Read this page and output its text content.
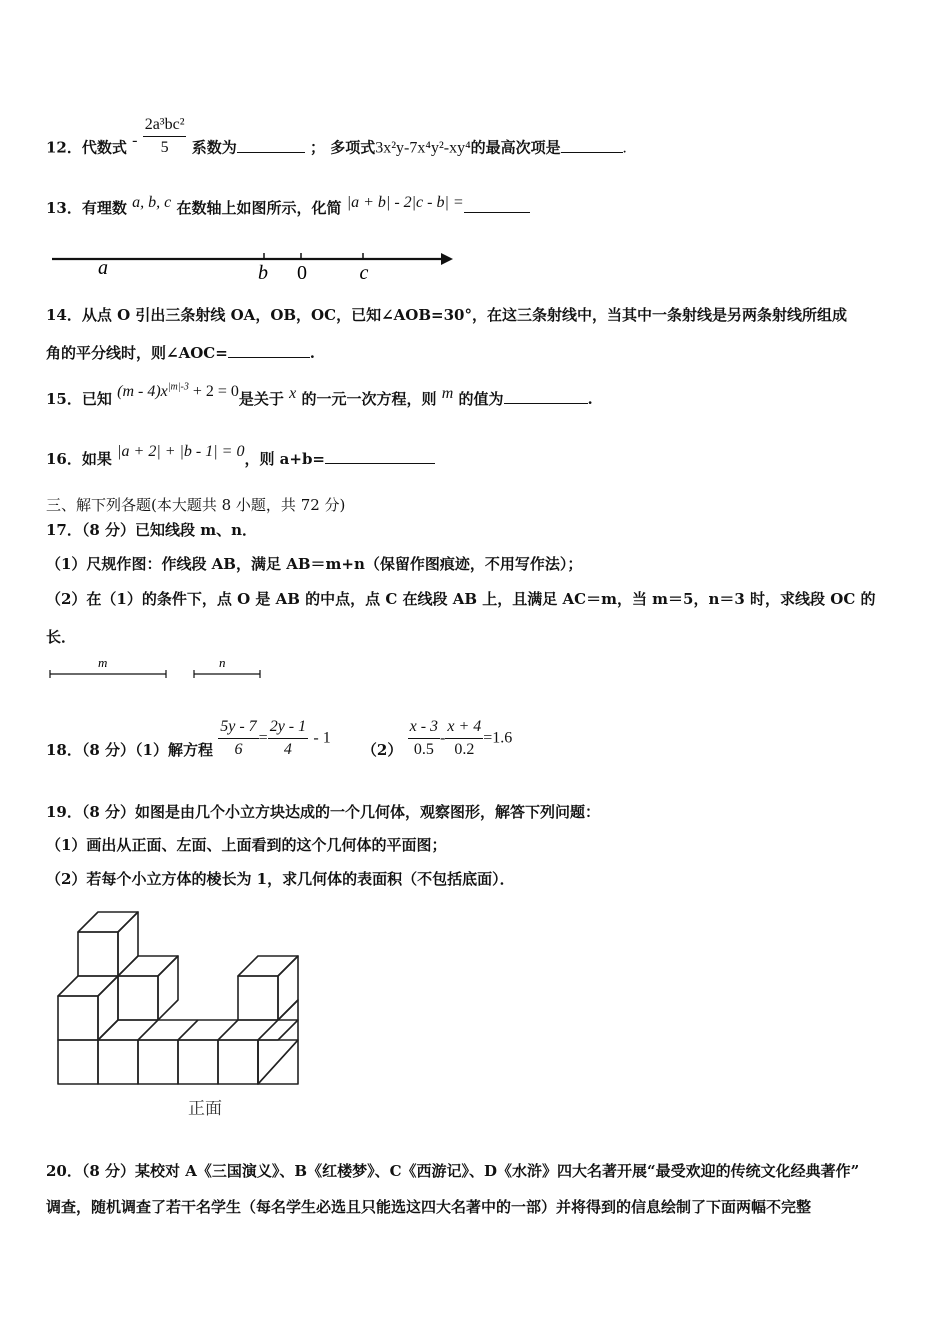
12．代数式 - $\frac{\text{2a³bc²}}{5}$ 系数为	； 多项式3x²y-7x⁴y²-xy⁴的最高次项是	.
13．有理数 a, b, c 在数轴上如图所示，化简 |a + b| - 2|c - b| =
a	b 0	c
14．从点 O 引出三条射线 OA，OB，OC，已知∠AOB=30°，在这三条射线中，当其中一条射线是另两条射线所组成
角的平分线时，则∠AOC=	.
15．已知 $(m - 4)x^{|m|-3} + 2 = 0$是关于 x 的一元一次方程，则 m 的值为	.
16．如果 |a + 2| + |b - 1| = 0，则 a+b=
三、解下列各题(本大题共 8 小题，共 72 分)
17．（8 分）已知线段 m、n．
（1）尺规作图：作线段 AB，满足 AB＝m+n（保留作图痕迹，不用写作法）；
（2）在（1）的条件下，点 O 是 AB 的中点，点 C 在线段 AB 上，且满足 AC＝m，当 m＝5，n＝3 时，求线段 OC 的
长．
m	n
18．（8 分）（1）解方程 $\frac{5y - 7}{6} = \frac{2y - 1}{4} - 1$ $(2) \frac{x - 3}{0.5} - \frac{x + 4}{0.2} =1.6$
19．（8 分）如图是由几个小立方块达成的一个几何体，观察图形，解答下列问题：
（1）画出从正面、左面、上面看到的这个几何体的平面图；
（2）若每个小立方体的棱长为 1，求几何体的表面积（不包括底面）．
正面
20．（8 分）某校对 A《三国演义》、B《红楼梦》、C《西游记》、D《水浒》四大名著开展“最受欢迎的传统文化经典著作”
调查，随机调查了若干名学生（每名学生必选且只能选这四大名著中的一部）并将得到的信息绘制了下面两幅不完整
